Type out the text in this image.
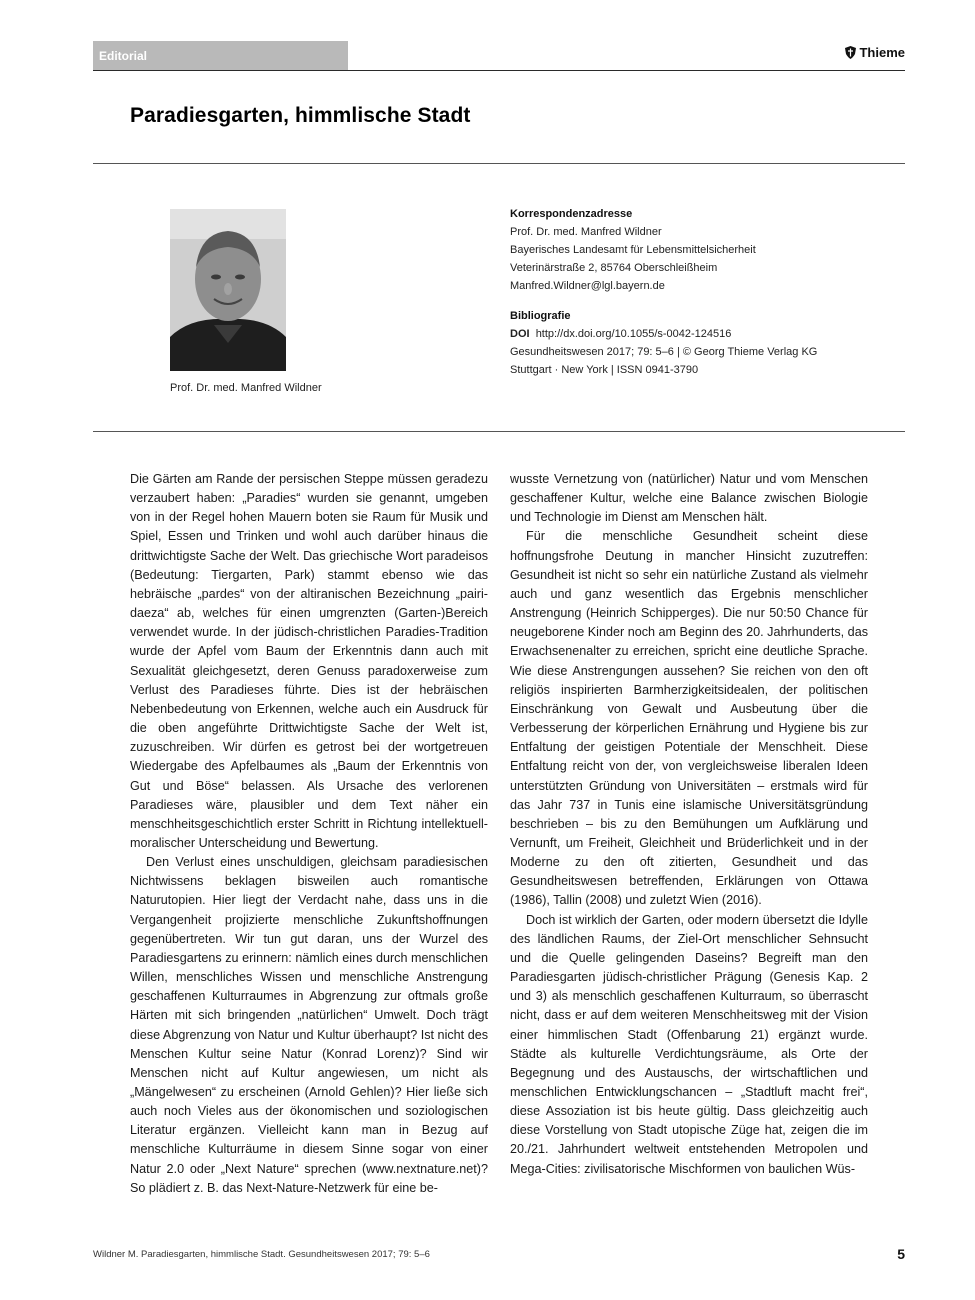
Editorial	Thieme
Paradiesgarten, himmlische Stadt
Prof. Dr. med. Manfred Wildner
Korrespondenzadresse
Prof. Dr. med. Manfred Wildner
Bayerisches Landesamt für Lebensmittelsicherheit
Veterinärstraße 2, 85764 Oberschleißheim
Manfred.Wildner@lgl.bayern.de
Bibliografie
DOI http://dx.doi.org/10.1055/s-0042-124516
Gesundheitswesen 2017; 79: 5–6 | © Georg Thieme Verlag KG
Stuttgart · New York | ISSN 0941-3790

Die Gärten am Rande der persischen Steppe müssen geradezu verzaubert haben: „Paradies“ wurden sie genannt, umgeben von in der Regel hohen Mauern boten sie Raum für Musik und Spiel, Essen und Trinken und wohl auch darüber hinaus die drittwichtigste Sache der Welt. Das griechische Wort paradeisos (Bedeutung: Tiergarten, Park) stammt ebenso wie das hebräische „pardes“ von der altiranischen Bezeichnung „pairi-daeza“ ab, welches für einen umgrenzten (Garten-)Bereich verwendet wurde. In der jüdisch-christlichen Paradies-Tradition wurde der Apfel vom Baum der Erkenntnis dann auch mit Sexualität gleichgesetzt, deren Genuss paradoxerweise zum Verlust des Paradieses führte. Dies ist der hebräischen Nebenbedeutung von Erkennen, welche auch ein Ausdruck für die oben angeführte Drittwichtigste Sache der Welt ist, zuzuschreiben. Wir dürfen es getrost bei der wortgetreuen Wiedergabe des Apfelbaumes als „Baum der Erkenntnis von Gut und Böse“ belassen. Als Ursache des verlorenen Paradieses wäre, plausibler und dem Text näher ein menschheitsgeschichtlich erster Schritt in Richtung intellektuell-moralischer Unterscheidung und Bewertung.

Den Verlust eines unschuldigen, gleichsam paradiesischen Nichtwissens beklagen bisweilen auch romantische Naturutopien. Hier liegt der Verdacht nahe, dass uns in die Vergangenheit projizierte menschliche Zukunftshoffnungen gegenübertreten. Wir tun gut daran, uns der Wurzel des Paradiesgartens zu erinnern: nämlich eines durch menschlichen Willen, menschliches Wissen und menschliche Anstrengung geschaffenen Kulturraumes in Abgrenzung zur oftmals große Härten mit sich bringenden „natürlichen“ Umwelt. Doch trägt diese Abgrenzung von Natur und Kultur überhaupt? Ist nicht des Menschen Kultur seine Natur (Konrad Lorenz)? Sind wir Menschen nicht auf Kultur angewiesen, um nicht als „Mängelwesen“ zu erscheinen (Arnold Gehlen)? Hier ließe sich auch noch Vieles aus der ökonomischen und soziologischen Literatur ergänzen. Vielleicht kann man in Bezug auf menschliche Kulturräume in diesem Sinne sogar von einer Natur 2.0 oder „Next Nature“ sprechen (www.nextnature.net)? So plädiert z. B. das Next-Nature-Netzwerk für eine be-

wusste Vernetzung von (natürlicher) Natur und vom Menschen geschaffener Kultur, welche eine Balance zwischen Biologie und Technologie im Dienst am Menschen hält.

Für die menschliche Gesundheit scheint diese hoffnungsfrohe Deutung in mancher Hinsicht zuzutreffen: Gesundheit ist nicht so sehr ein natürliche Zustand als vielmehr auch und ganz wesentlich das Ergebnis menschlicher Anstrengung (Heinrich Schipperges). Die nur 50:50 Chance für neugeborene Kinder noch am Beginn des 20. Jahrhunderts, das Erwachsenenalter zu erreichen, spricht eine deutliche Sprache. Wie diese Anstrengungen aussehen? Sie reichen von den oft religiös inspirierten Barmherzigkeitsidealen, der politischen Einschränkung von Gewalt und Ausbeutung über die Verbesserung der körperlichen Ernährung und Hygiene bis zur Entfaltung der geistigen Potentiale der Menschheit. Diese Entfaltung reicht von der, von vergleichsweise liberalen Ideen unterstützten Gründung von Universitäten – erstmals wird für das Jahr 737 in Tunis eine islamische Universitätsgründung beschrieben – bis zu den Bemühungen um Aufklärung und Vernunft, um Freiheit, Gleichheit und Brüderlichkeit und in der Moderne zu den oft zitierten, Gesundheit und das Gesundheitswesen betreffenden, Erklärungen von Ottawa (1986), Tallin (2008) und zuletzt Wien (2016).

Doch ist wirklich der Garten, oder modern übersetzt die Idylle des ländlichen Raums, der Ziel-Ort menschlicher Sehnsucht und die Quelle gelingenden Daseins? Begreift man den Paradiesgarten jüdisch-christlicher Prägung (Genesis Kap. 2 und 3) als menschlich geschaffenen Kulturraum, so überrascht nicht, dass er auf dem weiteren Menschheitsweg mit der Vision einer himmlischen Stadt (Offenbarung 21) ergänzt wurde. Städte als kulturelle Verdichtungsräume, als Orte der Begegnung und des Austauschs, der wirtschaftlichen und menschlichen Entwicklungschancen – „Stadtluft macht frei“, diese Assoziation ist bis heute gültig. Dass gleichzeitig auch diese Vorstellung von Stadt utopische Züge hat, zeigen die im 20./21. Jahrhundert weltweit entstehenden Metropolen und Mega-Cities: zivilisatorische Mischformen von baulichen Wüs-

Wildner M. Paradiesgarten, himmlische Stadt. Gesundheitswesen 2017; 79: 5–6	5
